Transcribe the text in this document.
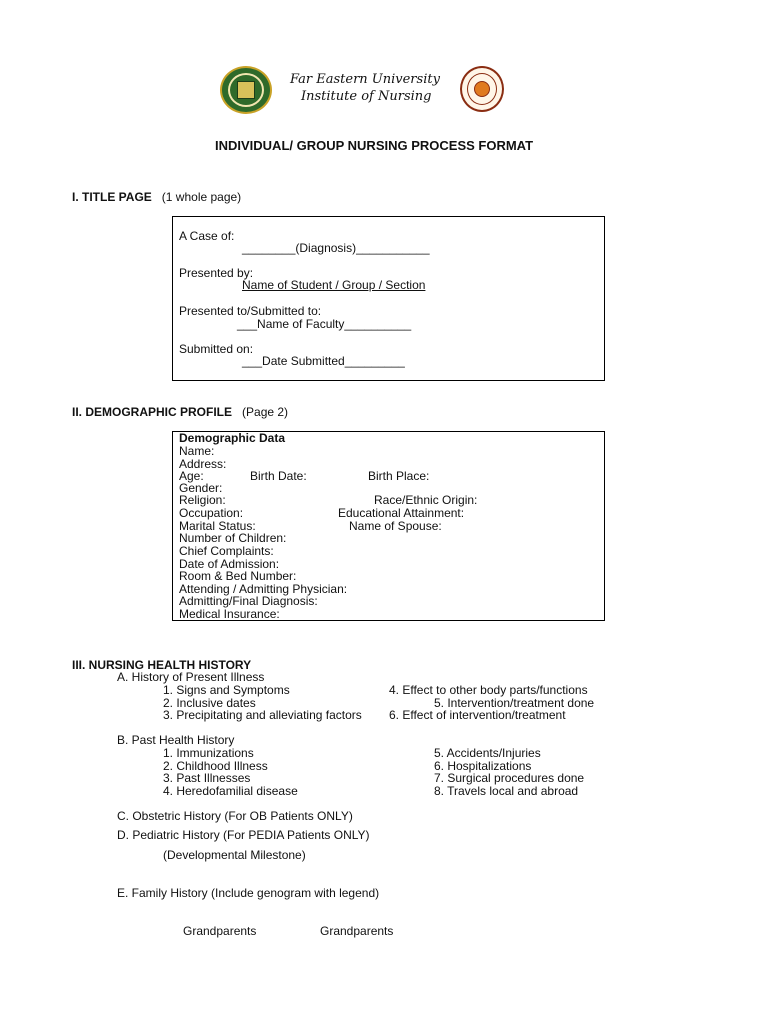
Far Eastern University
Institute of Nursing
INDIVIDUAL/ GROUP NURSING PROCESS FORMAT
I. TITLE PAGE (1 whole page)
A Case of:
________(Diagnosis)___________
Presented by:
Name of Student / Group / Section
Presented to/Submitted to:
___Name of Faculty__________
Submitted on:
___Date Submitted_________
II. DEMOGRAPHIC PROFILE (Page 2)
Demographic Data
Name:
Address:
Age:	Birth Date:	Birth Place:
Gender:
Religion:	Race/Ethnic Origin:
Occupation:	Educational Attainment:
Marital Status:	Name of Spouse:
Number of Children:
Chief Complaints:
Date of Admission:
Room & Bed Number:
Attending / Admitting Physician:
Admitting/Final Diagnosis:
Medical Insurance:
III. NURSING HEALTH HISTORY
A. History of Present Illness
1. Signs and Symptoms
2. Inclusive dates
3. Precipitating and alleviating factors
4. Effect to other body parts/functions
5. Intervention/treatment done
6. Effect of intervention/treatment
B. Past Health History
1. Immunizations
2. Childhood Illness
3. Past Illnesses
4. Heredofamilial disease
5. Accidents/Injuries
6. Hospitalizations
7. Surgical procedures done
8. Travels local and abroad
C. Obstetric History (For OB Patients ONLY)
D. Pediatric History (For PEDIA Patients ONLY)
(Developmental Milestone)
E. Family History (Include genogram with legend)
Grandparents	Grandparents
